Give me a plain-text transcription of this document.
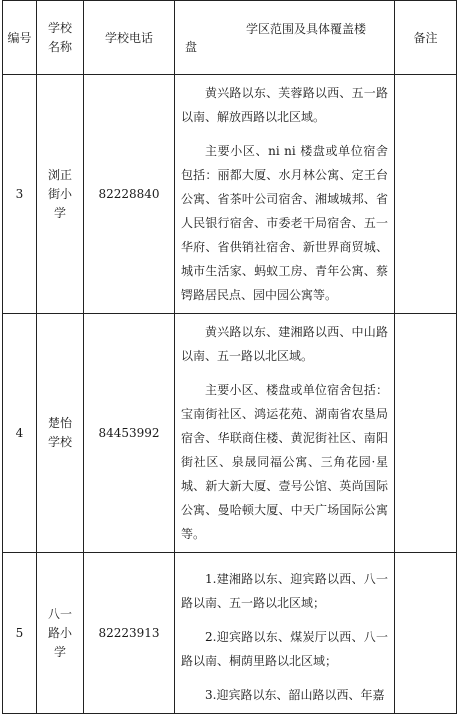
编号	学校名称	学校电话	学区范围及具体覆盖楼
盘	备注
3	浏正街小学	82228840	黄兴路以东、芙蓉路以西、五一路以南、解放西路以北区域。

主要小区、ni ni 楼盘或单位宿舍包括：丽都大厦、水月林公寓、定王台公寓、省茶叶公司宿舍、湘域城邦、省人民银行宿舍、市委老干局宿舍、五一华府、省供销社宿舍、新世界商贸城、城市生活家、蚂蚁工房、青年公寓、蔡锷路居民点、园中园公寓等。	

4	楚怡学校	84453992	黄兴路以东、建湘路以西、中山路以南、五一路以北区域。

主要小区、楼盘或单位宿舍包括：宝南街社区、鸿运花苑、湖南省农垦局宿舍、华联商住楼、黄泥街社区、南阳街社区、泉晟同福公寓、三角花园·星城、新大新大厦、壹号公馆、英尚国际公寓、曼哈顿大厦、中天广场国际公寓等。	

5	八一路小学	82223913	1.建湘路以东、迎宾路以西、八一路以南、五一路以北区域；

2.迎宾路以东、煤炭厅以西、八一路以南、桐荫里路以北区域；

3.迎宾路以东、韶山路以西、年嘉	
